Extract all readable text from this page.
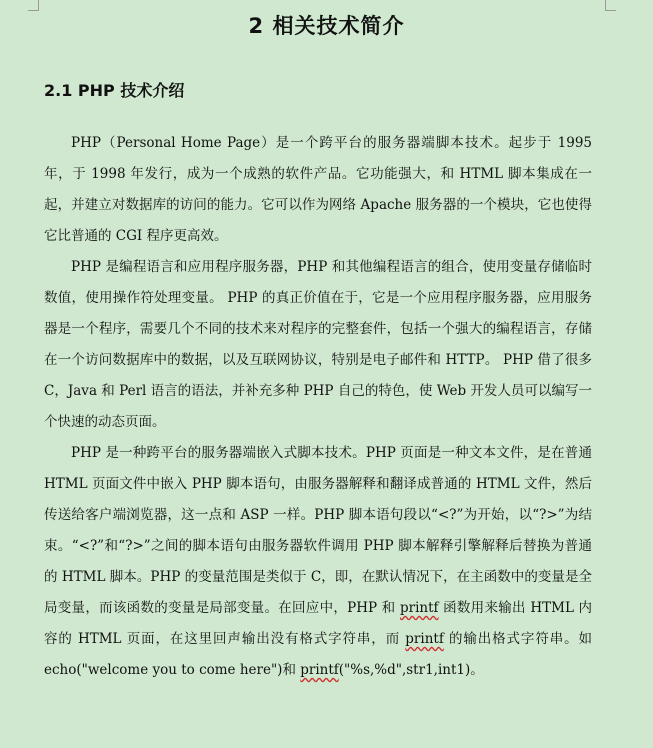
2 相关技术简介
2.1 PHP 技术介绍

PHP（Personal Home Page）是一个跨平台的服务器端脚本技术。起步于 1995 年，于 1998 年发行，成为一个成熟的软件产品。它功能强大，和 HTML 脚本集成在一起，并建立对数据库的访问的能力。它可以作为网络 Apache 服务器的一个模块，它也使得它比普通的 CGI 程序更高效。

PHP 是编程语言和应用程序服务器，PHP 和其他编程语言的组合，使用变量存储临时数值，使用操作符处理变量。 PHP 的真正价值在于，它是一个应用程序服务器，应用服务器是一个程序，需要几个不同的技术来对程序的完整套件，包括一个强大的编程语言，存储在一个访问数据库中的数据，以及互联网协议，特别是电子邮件和 HTTP。 PHP 借了很多 C，Java 和 Perl 语言的语法，并补充多种 PHP 自己的特色，使 Web 开发人员可以编写一个快速的动态页面。

PHP 是一种跨平台的服务器端嵌入式脚本技术。PHP 页面是一种文本文件，是在普通 HTML 页面文件中嵌入 PHP 脚本语句，由服务器解释和翻译成普通的 HTML 文件，然后传送给客户端浏览器，这一点和 ASP 一样。PHP 脚本语句段以“<?”为开始，以“?>”为结束。“<?”和“?>”之间的脚本语句由服务器软件调用 PHP 脚本解释引擎解释后替换为普通的 HTML 脚本。PHP 的变量范围是类似于 C，即，在默认情况下，在主函数中的变量是全局变量，而该函数的变量是局部变量。在回应中，PHP 和 printf 函数用来输出 HTML 内容的 HTML 页面，在这里回声输出没有格式字符串，而 printf 的输出格式字符串。如 echo("welcome you to come here")和 printf("%s,%d",str1,int1)。
